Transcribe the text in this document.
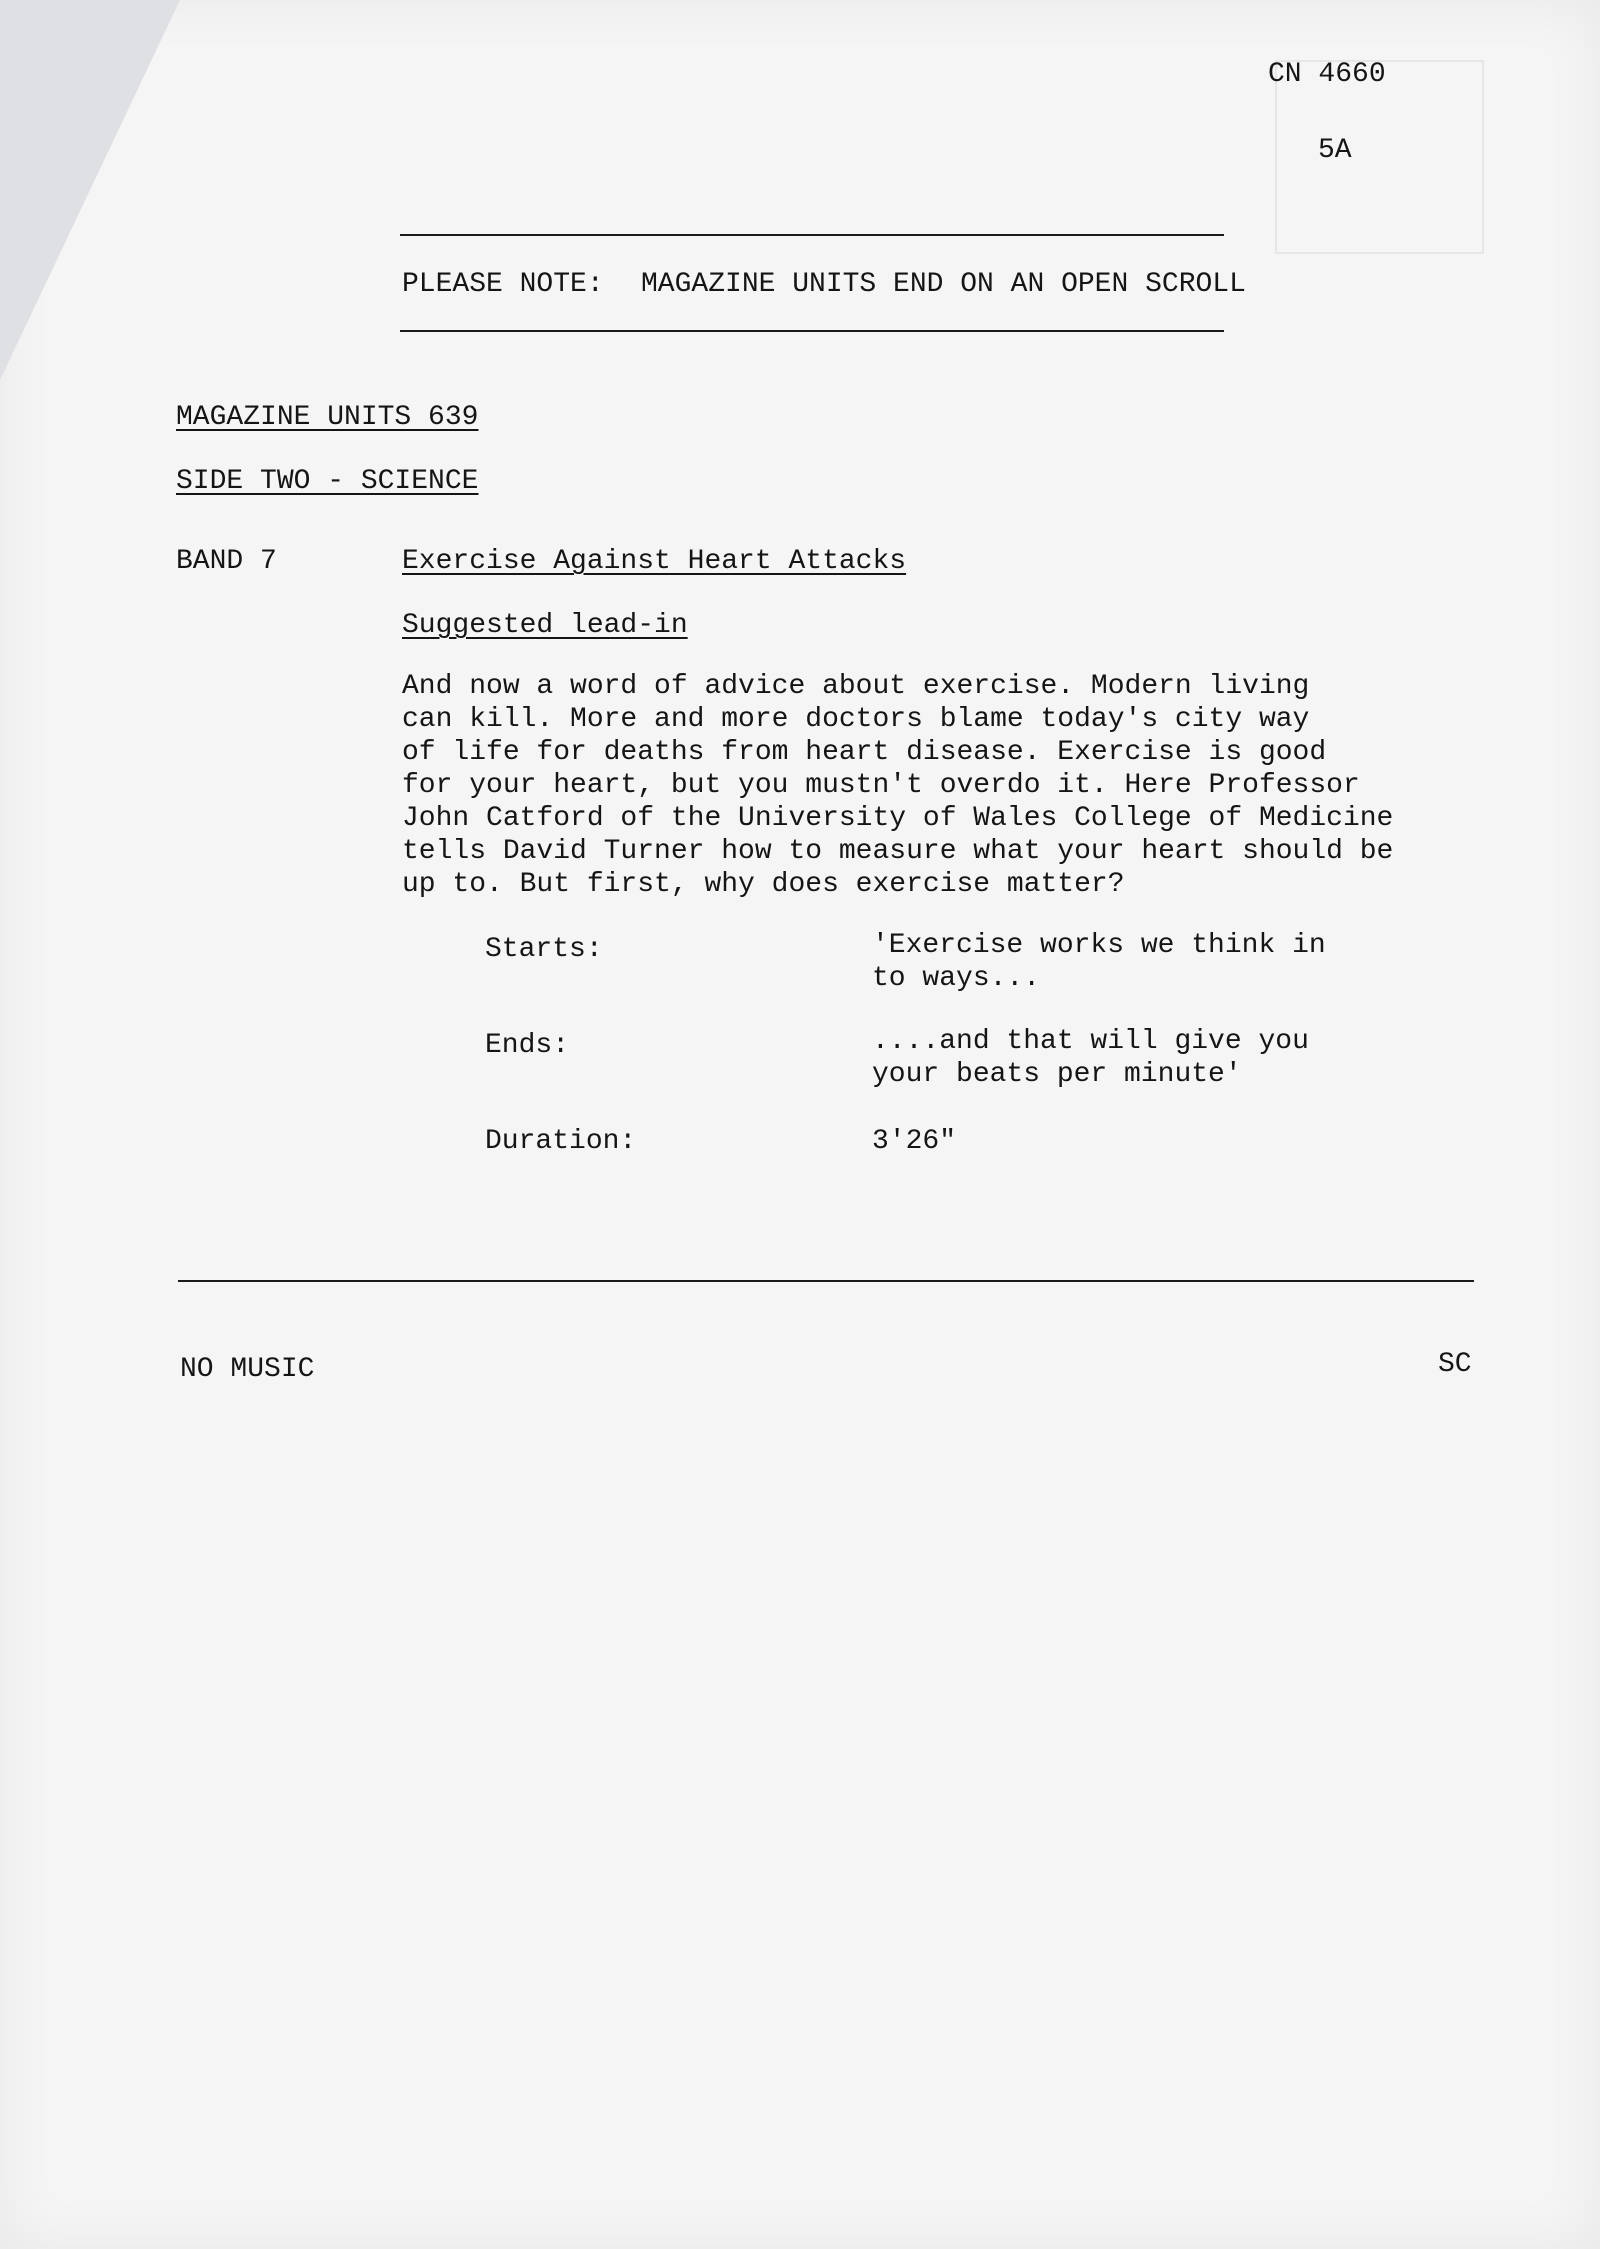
CN 4660
5A
PLEASE NOTE: MAGAZINE UNITS END ON AN OPEN SCROLL
MAGAZINE UNITS 639
SIDE TWO - SCIENCE
BAND 7	Exercise Against Heart Attacks
Suggested lead-in
And now a word of advice about exercise. Modern living
can kill. More and more doctors blame today's city way
of life for deaths from heart disease. Exercise is good
for your heart, but you mustn't overdo it. Here Professor
John Catford of the University of Wales College of Medicine
tells David Turner how to measure what your heart should be
up to. But first, why does exercise matter?
Starts:	'Exercise works we think in
to ways...
Ends:	....and that will give you
your beats per minute'
Duration:	3'26"
NO MUSIC	SC
